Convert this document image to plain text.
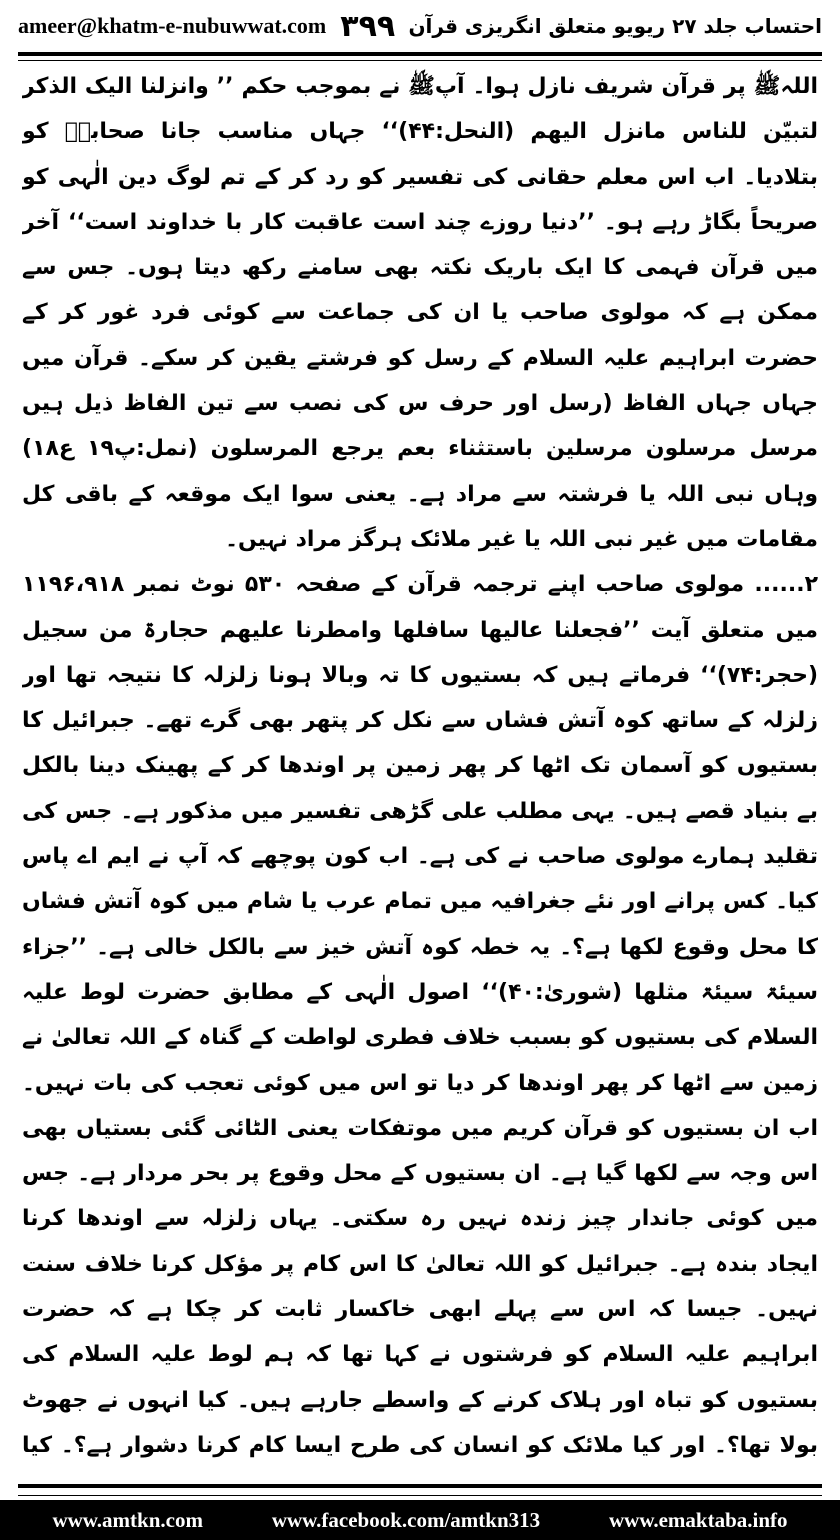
ameer@khatm-e-nubuwwat.com ۳۹۹ احتساب جلد ۲۷ ریویو متعلق انگریزی قرآن

اللہﷺ پر قرآن شریف نازل ہوا۔ آپﷺ نے بموجب حکم ’’ وانزلنا الیک الذکر لتبیّن للناس مانزل الیھم (النحل:۴۴)‘‘ جہاں مناسب جانا صحابہؓ کو بتلادیا۔ اب اس معلم حقانی کی تفسیر کو رد کر کے تم لوگ دین الٰہی کو صریحاً بگاڑ رہے ہو۔ ’’دنیا روزے چند است عاقبت کار با خداوند است‘‘ آخر میں قرآن فہمی کا ایک باریک نکتہ بھی سامنے رکھ دیتا ہوں۔ جس سے ممکن ہے کہ مولوی صاحب یا ان کی جماعت سے کوئی فرد غور کر کے حضرت ابراہیم علیہ السلام کے رسل کو فرشتے یقین کر سکے۔ قرآن میں جہاں جہاں الفاظ (رسل اور حرف س کی نصب سے تین الفاظ ذیل ہیں مرسل مرسلون مرسلین باستثناء بعم یرجع المرسلون (نمل:پ۱۹ ع۱۸) وہاں نبی اللہ یا فرشتہ سے مراد ہے۔ یعنی سوا ایک موقعہ کے باقی کل مقامات میں غیر نبی اللہ یا غیر ملائک ہرگز مراد نہیں۔

۲...... مولوی صاحب اپنے ترجمہ قرآن کے صفحہ ۵۳۰ نوٹ نمبر ۱۱۹۶،۹۱۸ میں متعلق آیت ’’فجعلنا عالیھا سافلھا وامطرنا علیھم حجارۃ من سجیل (حجر:۷۴)‘‘ فرماتے ہیں کہ بستیوں کا تہ وبالا ہونا زلزلہ کا نتیجہ تھا اور زلزلہ کے ساتھ کوہ آتش فشاں سے نکل کر پتھر بھی گرے تھے۔ جبرائیل کا بستیوں کو آسمان تک اٹھا کر پھر زمین پر اوندھا کر کے پھینک دینا بالکل بے بنیاد قصے ہیں۔ یہی مطلب علی گڑھی تفسیر میں مذکور ہے۔ جس کی تقلید ہمارے مولوی صاحب نے کی ہے۔ اب کون پوچھے کہ آپ نے ایم اے پاس کیا۔ کس پرانے اور نئے جغرافیہ میں تمام عرب یا شام میں کوہ آتش فشاں کا محل وقوع لکھا ہے؟۔ یہ خطہ کوہ آتش خیز سے بالکل خالی ہے۔ ’’جزاء سیئۃ سیئۃ مثلھا (شوریٰ:۴۰)‘‘ اصول الٰہی کے مطابق حضرت لوط علیہ السلام کی بستیوں کو بسبب خلاف فطری لواطت کے گناہ کے اللہ تعالیٰ نے زمین سے اٹھا کر پھر اوندھا کر دیا تو اس میں کوئی تعجب کی بات نہیں۔ اب ان بستیوں کو قرآن کریم میں موتفکات یعنی الٹائی گئی بستیاں بھی اس وجہ سے لکھا گیا ہے۔ ان بستیوں کے محل وقوع پر بحر مردار ہے۔ جس میں کوئی جاندار چیز زندہ نہیں رہ سکتی۔ یہاں زلزلہ سے اوندھا کرنا ایجاد بندہ ہے۔ جبرائیل کو اللہ تعالیٰ کا اس کام پر مؤکل کرنا خلاف سنت نہیں۔ جیسا کہ اس سے پہلے ابھی خاکسار ثابت کر چکا ہے کہ حضرت ابراہیم علیہ السلام کو فرشتوں نے کہا تھا کہ ہم لوط علیہ السلام کی بستیوں کو تباہ اور ہلاک کرنے کے واسطے جارہے ہیں۔ کیا انہوں نے جھوٹ بولا تھا؟۔ اور کیا ملائک کو انسان کی طرح ایسا کام کرنا دشوار ہے؟۔ کیا

www.amtkn.com	www.facebook.com/amtkn313	www.emaktaba.info
